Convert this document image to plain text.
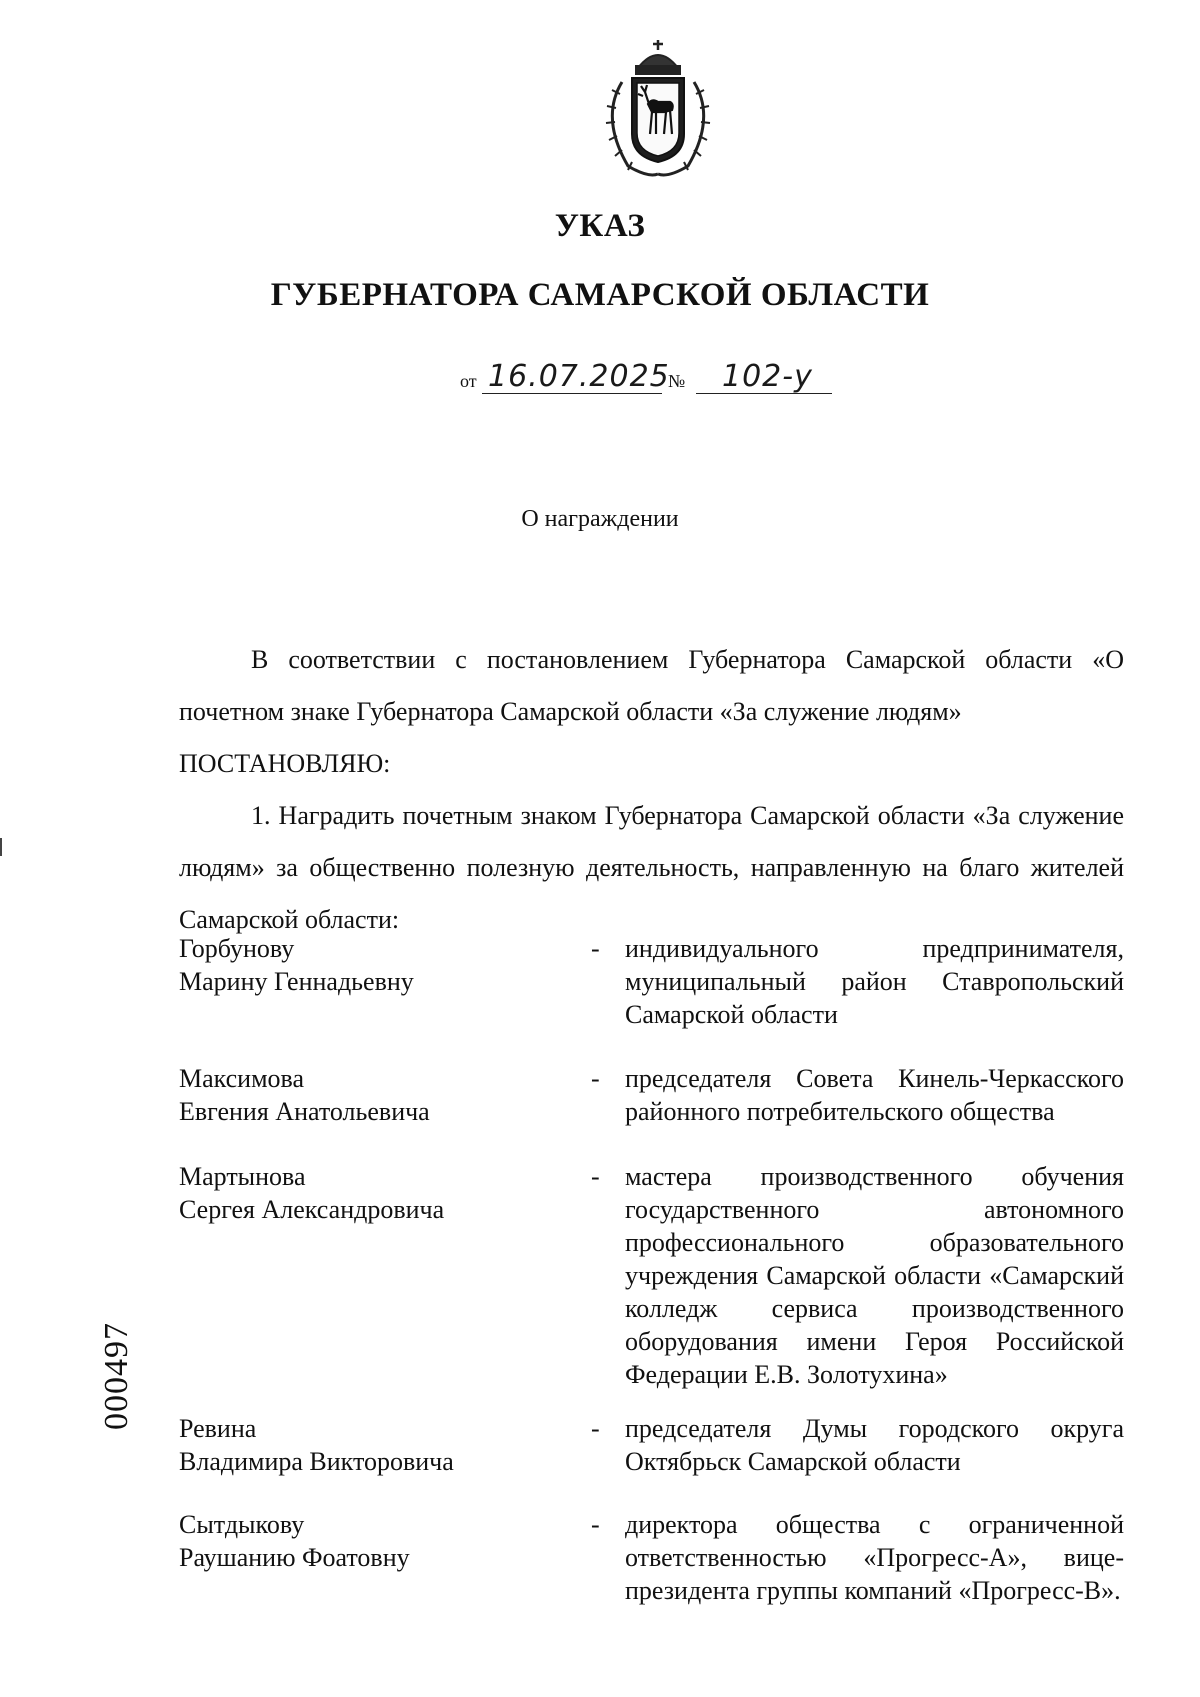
УКАЗ
ГУБЕРНАТОРА САМАРСКОЙ ОБЛАСТИ
от 16.07.2025
№ 102-у
О награждении

В соответствии с постановлением Губернатора Самарской области «О почетном знаке Губернатора Самарской области «За служение людям»

ПОСТАНОВЛЯЮ:

1. Наградить почетным знаком Губернатора Самарской области «За служение людям» за общественно полезную деятельность, направленную на благо жителей Самарской области:

Горбунову
Марину Геннадьевну
- индивидуального предпринимателя, муниципальный район Ставропольский Самарской области
Максимова
Евгения Анатольевича
- председателя Совета Кинель-Черкасского районного потребительского общества
Мартынова
Сергея Александровича
- мастера производственного обучения государственного автономного профессионального образовательного учреждения Самарской области «Самарский колледж сервиса производственного оборудования имени Героя Российской Федерации Е.В. Золотухина»
Ревина
Владимира Викторовича
- председателя Думы городского округа Октябрьск Самарской области
Сытдыкову
Раушанию Фоатовну
- директора общества с ограниченной ответственностью «Прогресс-А», вице-президента группы компаний «Прогресс-В».
000497
